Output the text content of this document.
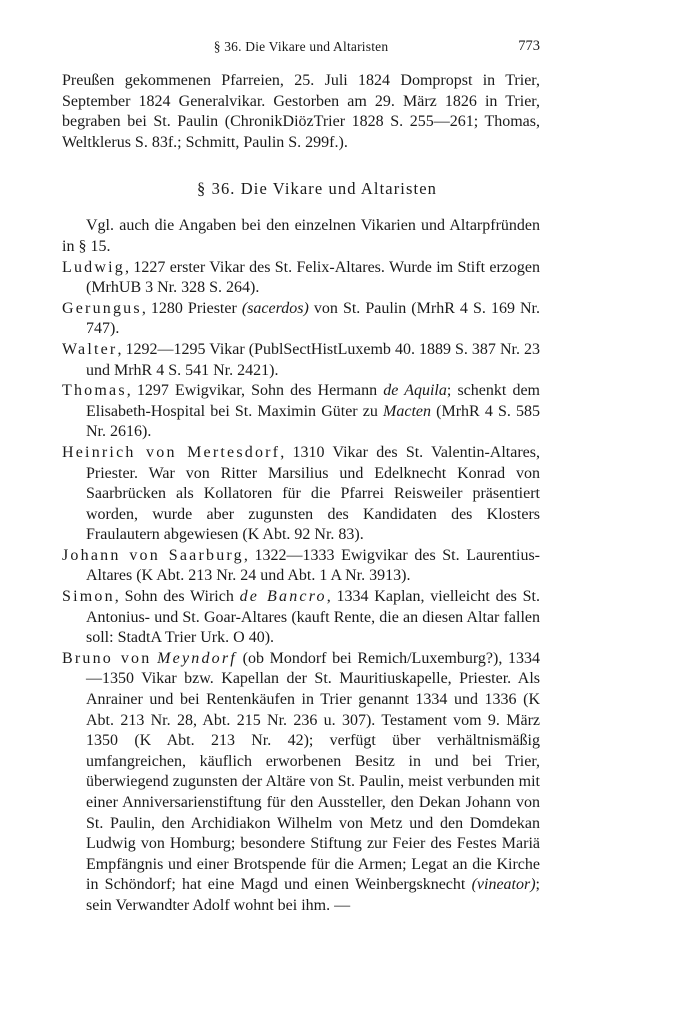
§ 36. Die Vikare und Altaristen	773

Preußen gekommenen Pfarreien, 25. Juli 1824 Dompropst in Trier, September 1824 Generalvikar. Gestorben am 29. März 1826 in Trier, begraben bei St. Paulin (ChronikDiözTrier 1828 S. 255—261; Thomas, Weltklerus S. 83f.; Schmitt, Paulin S. 299f.).

§ 36. Die Vikare und Altaristen

Vgl. auch die Angaben bei den einzelnen Vikarien und Altarpfründen in § 15.

Ludwig, 1227 erster Vikar des St. Felix-Altares. Wurde im Stift erzogen (MrhUB 3 Nr. 328 S. 264).

Gerungus, 1280 Priester (sacerdos) von St. Paulin (MrhR 4 S. 169 Nr. 747).

Walter, 1292—1295 Vikar (PublSectHistLuxemb 40. 1889 S. 387 Nr. 23 und MrhR 4 S. 541 Nr. 2421).

Thomas, 1297 Ewigvikar, Sohn des Hermann de Aquila; schenkt dem Elisabeth-Hospital bei St. Maximin Güter zu Macten (MrhR 4 S. 585 Nr. 2616).

Heinrich von Mertesdorf, 1310 Vikar des St. Valentin-Altares, Priester. War von Ritter Marsilius und Edelknecht Konrad von Saarbrücken als Kollatoren für die Pfarrei Reisweiler präsentiert worden, wurde aber zugunsten des Kandidaten des Klosters Fraulautern abgewiesen (K Abt. 92 Nr. 83).

Johann von Saarburg, 1322—1333 Ewigvikar des St. Laurentius-Altares (K Abt. 213 Nr. 24 und Abt. 1 A Nr. 3913).

Simon, Sohn des Wirich de Bancro, 1334 Kaplan, vielleicht des St. Antonius- und St. Goar-Altares (kauft Rente, die an diesen Altar fallen soll: StadtA Trier Urk. O 40).

Bruno von Meyndorf (ob Mondorf bei Remich/Luxemburg?), 1334—1350 Vikar bzw. Kapellan der St. Mauritiuskapelle, Priester. Als Anrainer und bei Rentenkäufen in Trier genannt 1334 und 1336 (K Abt. 213 Nr. 28, Abt. 215 Nr. 236 u. 307). Testament vom 9. März 1350 (K Abt. 213 Nr. 42); verfügt über verhältnismäßig umfangreichen, käuflich erworbenen Besitz in und bei Trier, überwiegend zugunsten der Altäre von St. Paulin, meist verbunden mit einer Anniversarienstiftung für den Aussteller, den Dekan Johann von St. Paulin, den Archidiakon Wilhelm von Metz und den Domdekan Ludwig von Homburg; besondere Stiftung zur Feier des Festes Mariä Empfängnis und einer Brotspende für die Armen; Legat an die Kirche in Schöndorf; hat eine Magd und einen Weinbergsknecht (vineator); sein Verwandter Adolf wohnt bei ihm. —
